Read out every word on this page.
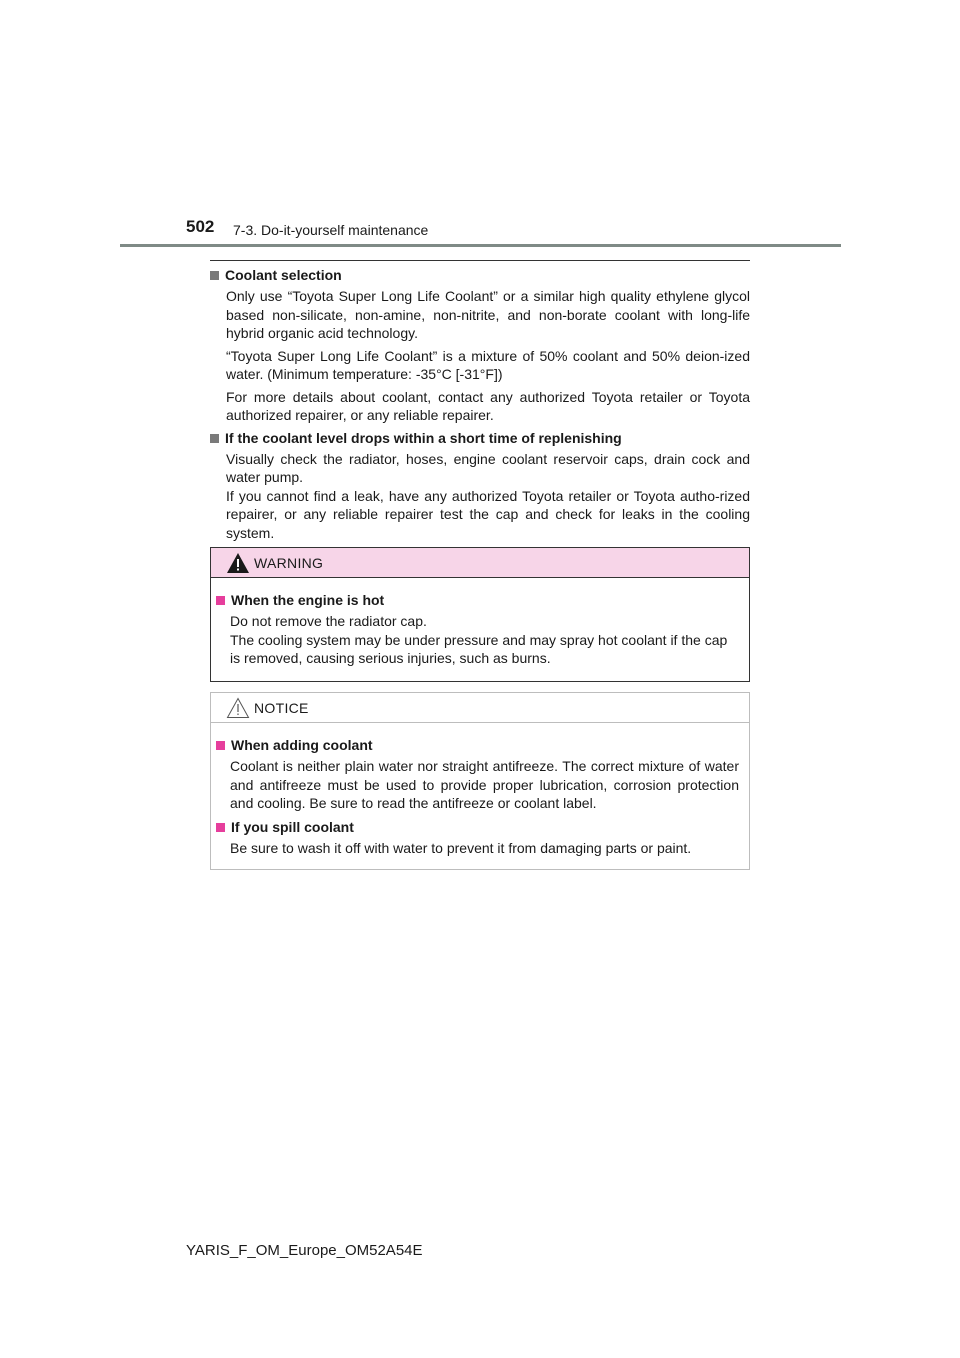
502 7-3. Do-it-yourself maintenance

Coolant selection

Only use “Toyota Super Long Life Coolant” or a similar high quality ethylene glycol based non-silicate, non-amine, non-nitrite, and non-borate coolant with long-life hybrid organic acid technology.

“Toyota Super Long Life Coolant” is a mixture of 50% coolant and 50% deion-ized water. (Minimum temperature: -35°C [-31°F])

For more details about coolant, contact any authorized Toyota retailer or Toyota authorized repairer, or any reliable repairer.

If the coolant level drops within a short time of replenishing

Visually check the radiator, hoses, engine coolant reservoir caps, drain cock and water pump.

If you cannot find a leak, have any authorized Toyota retailer or Toyota autho-rized repairer, or any reliable repairer test the cap and check for leaks in the cooling system.

WARNING

When the engine is hot

Do not remove the radiator cap.

The cooling system may be under pressure and may spray hot coolant if the cap is removed, causing serious injuries, such as burns.

NOTICE

When adding coolant

Coolant is neither plain water nor straight antifreeze. The correct mixture of water and antifreeze must be used to provide proper lubrication, corrosion protection and cooling. Be sure to read the antifreeze or coolant label.

If you spill coolant

Be sure to wash it off with water to prevent it from damaging parts or paint.

YARIS_F_OM_Europe_OM52A54E
